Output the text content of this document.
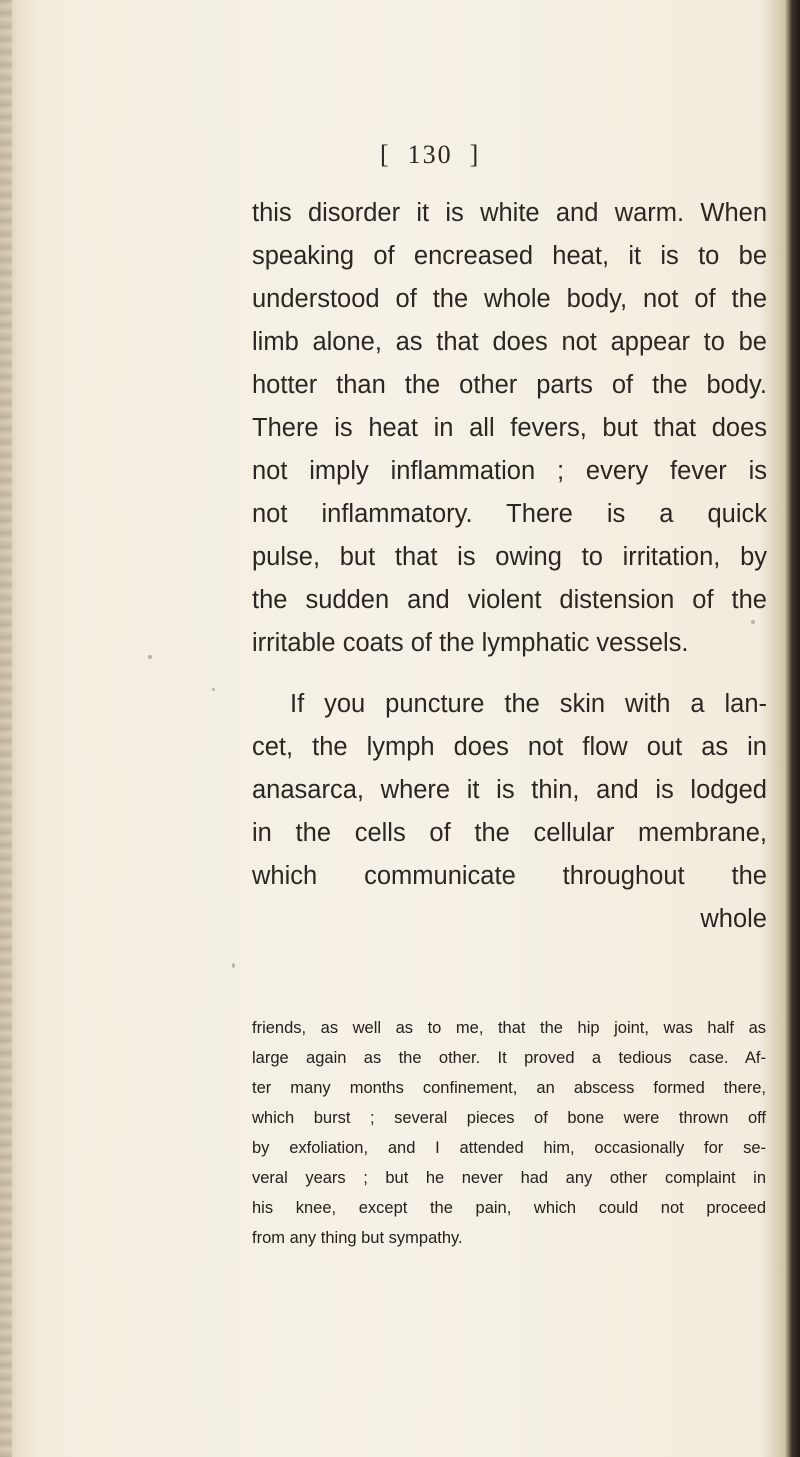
[  130  ]
this disorder it is white and warm. When
speaking of encreased heat, it is to be
understood of the whole body, not of the
limb alone, as that does not appear to be
hotter than the other parts of the body.
There is heat in all fevers, but that does
not imply inflammation ; every fever is
not inflammatory. There is a quick
pulse, but that is owing to irritation, by
the sudden and violent distension of the
irritable coats of the lymphatic vessels.
If you puncture the skin with a lan-
cet, the lymph does not flow out as in
anasarca, where it is thin, and is lodged
in the cells of the cellular membrane,
which communicate throughout the
whole
friends, as well as to me, that the hip joint, was half as
large again as the other. It proved a tedious case. Af-
ter many months confinement, an abscess formed there,
which burst ; several pieces of bone were thrown off
by exfoliation, and I attended him, occasionally for se-
veral years ; but he never had any other complaint in
his knee, except the pain, which could not proceed
from any thing but sympathy.
